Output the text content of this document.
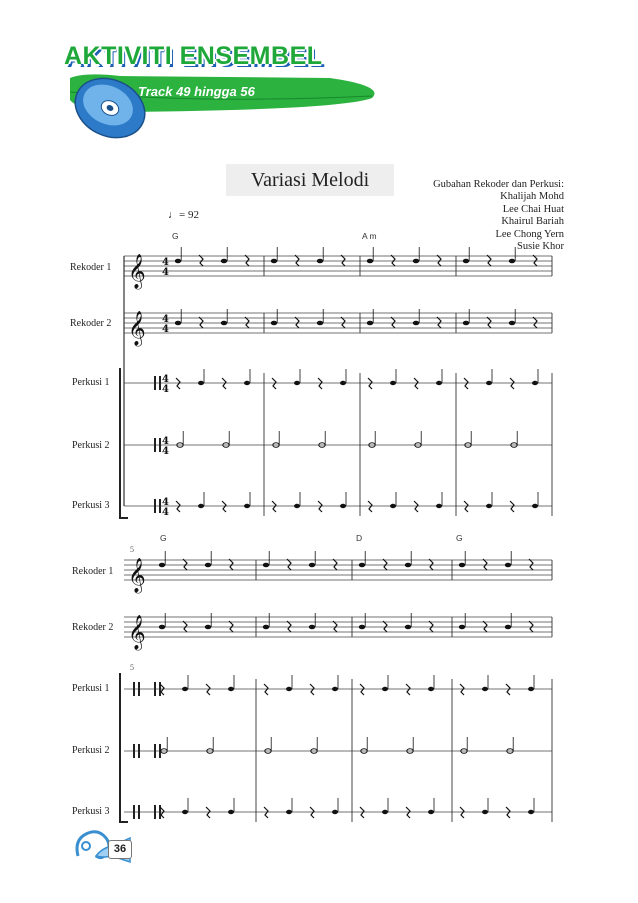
AKTIVITI ENSEMBEL
Track 49 hingga 56
Variasi Melodi	Gubahan Rekoder dan Perkusi:
Khalijah Mohd
Lee Chai Huat
Khairul Bariah
Lee Chong Yern
Susie Khor
♩= 92
G	A m
Rekoder 1
Rekoder 2
Perkusi 1
Perkusi 2
Perkusi 3
5
5
G	D	G
Rekoder 1
Rekoder 2
Perkusi 1
Perkusi 2
Perkusi 3
𝄞 4
4
𝄞 4
4
4
4
4
4
4
4
𝄞
𝄞
36
